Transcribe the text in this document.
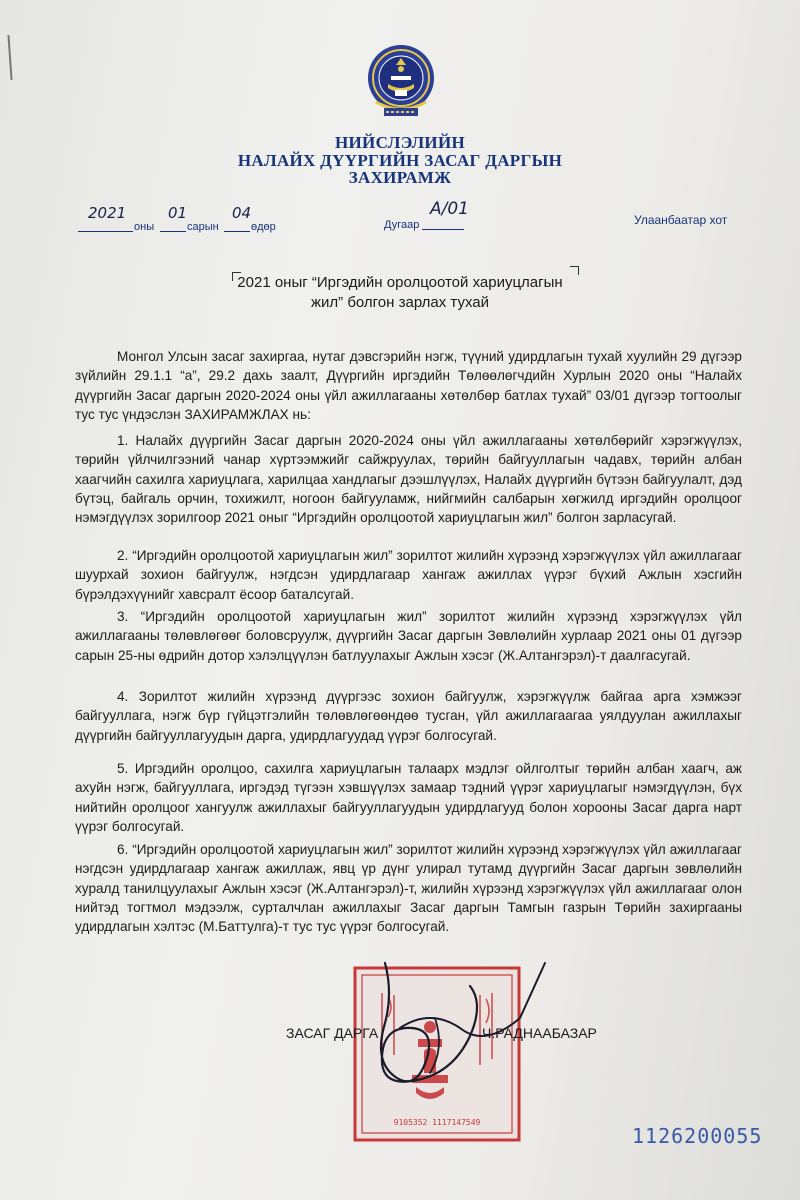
НИЙСЛЭЛИЙН
НАЛАЙХ ДҮҮРГИЙН ЗАСАГ ДАРГЫН
ЗАХИРАМЖ
2021
оны
01
сарын
04
өдөр	Дугаар
А/01
Улаанбаатар хот
2021 оныг “Иргэдийн оролцоотой хариуцлагын
жил” болгон зарлах тухай

Монгол Улсын засаг захиргаа, нутаг дэвсгэрийн нэгж, түүний удирдлагын тухай хуулийн 29 дүгээр зүйлийн 29.1.1 “а”, 29.2 дахь заалт, Дүүргийн иргэдийн Төлөөлөгчдийн Хурлын 2020 оны “Налайх дүүргийн Засаг даргын 2020-2024 оны үйл ажиллагааны хөтөлбөр батлах тухай” 03/01 дүгээр тогтоолыг тус тус үндэслэн ЗАХИРАМЖЛАХ нь:

1. Налайх дүүргийн Засаг даргын 2020-2024 оны үйл ажиллагааны хөтөлбөрийг хэрэгжүүлэх, төрийн үйлчилгээний чанар хүртээмжийг сайжруулах, төрийн байгууллагын чадавх, төрийн албан хаагчийн сахилга хариуцлага, харилцаа хандлагыг дээшлүүлэх, Налайх дүүргийн бүтээн байгуулалт, дэд бүтэц, байгаль орчин, тохижилт, ногоон байгууламж, нийгмийн салбарын хөгжилд иргэдийн оролцоог нэмэгдүүлэх зорилгоор 2021 оныг “Иргэдийн оролцоотой хариуцлагын жил” болгон зарласугай.

2. “Иргэдийн оролцоотой хариуцлагын жил” зорилтот жилийн хүрээнд хэрэгжүүлэх үйл ажиллагааг шуурхай зохион байгуулж, нэгдсэн удирдлагаар хангаж ажиллах үүрэг бүхий Ажлын хэсгийн бүрэлдэхүүнийг хавсралт ёсоор баталсугай.

3. “Иргэдийн оролцоотой хариуцлагын жил” зорилтот жилийн хүрээнд хэрэгжүүлэх үйл ажиллагааны төлөвлөгөөг боловсруулж, дүүргийн Засаг даргын Зөвлөлийн хурлаар 2021 оны 01 дүгээр сарын 25-ны өдрийн дотор хэлэлцүүлэн батлуулахыг Ажлын хэсэг (Ж.Алтангэрэл)-т даалгасугай.

4. Зорилтот жилийн хүрээнд дүүргээс зохион байгуулж, хэрэгжүүлж байгаа арга хэмжээг байгууллага, нэгж бүр гүйцэтгэлийн төлөвлөгөөндөө тусган, үйл ажиллагаагаа уялдуулан ажиллахыг дүүргийн байгууллагуудын дарга, удирдлагуудад үүрэг болгосугай.

5. Иргэдийн оролцоо, сахилга хариуцлагын талаарх мэдлэг ойлголтыг төрийн албан хаагч, аж ахуйн нэгж, байгууллага, иргэдэд түгээн хэвшүүлэх замаар тэдний үүрэг хариуцлагыг нэмэгдүүлэн, бүх нийтийн оролцоог хангуулж ажиллахыг байгууллагуудын удирдлагууд болон хорооны Засаг дарга нарт үүрэг болгосугай.

6. “Иргэдийн оролцоотой хариуцлагын жил” зорилтот жилийн хүрээнд хэрэгжүүлэх үйл ажиллагааг нэгдсэн удирдлагаар хангаж ажиллаж, явц үр дүнг улирал тутамд дүүргийн Засаг даргын зөвлөлийн хуралд танилцуулахыг Ажлын хэсэг (Ж.Алтангэрэл)-т, жилийн хүрээнд хэрэгжүүлэх үйл ажиллагааг олон нийтэд тогтмол мэдээлж, сурталчлан ажиллахыг Засаг даргын Тамгын газрын Төрийн захиргааны удирдлагын хэлтэс (М.Баттулга)-т тус тус үүрэг болгосугай.

9105352 1117147549
ЗАСАГ ДАРГА	Ч.РАДНААБАЗАР
1126200055
